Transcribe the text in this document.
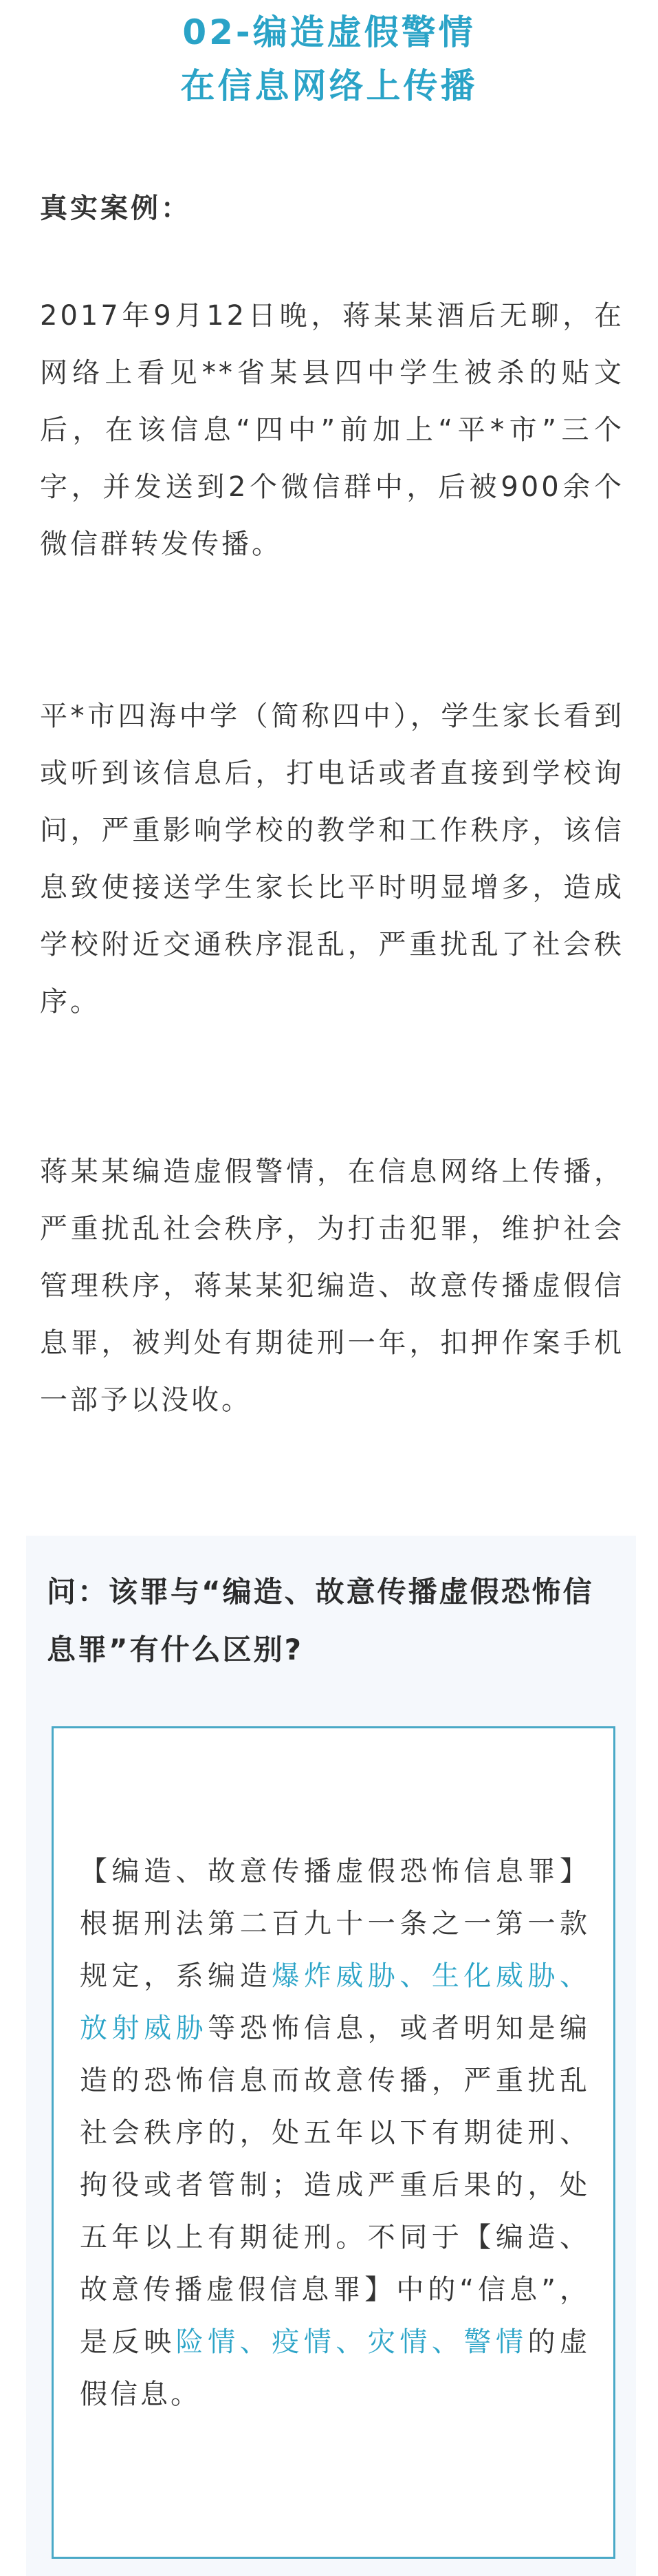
02-编造虚假警情
在信息网络上传播
真实案例：
2017年9月12日晚，蒋某某酒后无聊，在网络上看见**省某县四中学生被杀的贴文后，在该信息“四中”前加上“平*市”三个字，并发送到2个微信群中，后被900余个微信群转发传播。
平*市四海中学（简称四中），学生家长看到或听到该信息后，打电话或者直接到学校询问，严重影响学校的教学和工作秩序，该信息致使接送学生家长比平时明显增多，造成学校附近交通秩序混乱，严重扰乱了社会秩序。
蒋某某编造虚假警情，在信息网络上传播，严重扰乱社会秩序，为打击犯罪，维护社会管理秩序，蒋某某犯编造、故意传播虚假信息罪，被判处有期徒刑一年，扣押作案手机一部予以没收。
问：该罪与“编造、故意传播虚假恐怖信息罪”有什么区别?
【编造、故意传播虚假恐怖信息罪】根据刑法第二百九十一条之一第一款规定，系编造爆炸威胁、生化威胁、放射威胁等恐怖信息，或者明知是编造的恐怖信息而故意传播，严重扰乱社会秩序的，处五年以下有期徒刑、拘役或者管制；造成严重后果的，处五年以上有期徒刑。不同于【编造、故意传播虚假信息罪】中的“信息”，是反映险情、疫情、灾情、警情的虚假信息。
